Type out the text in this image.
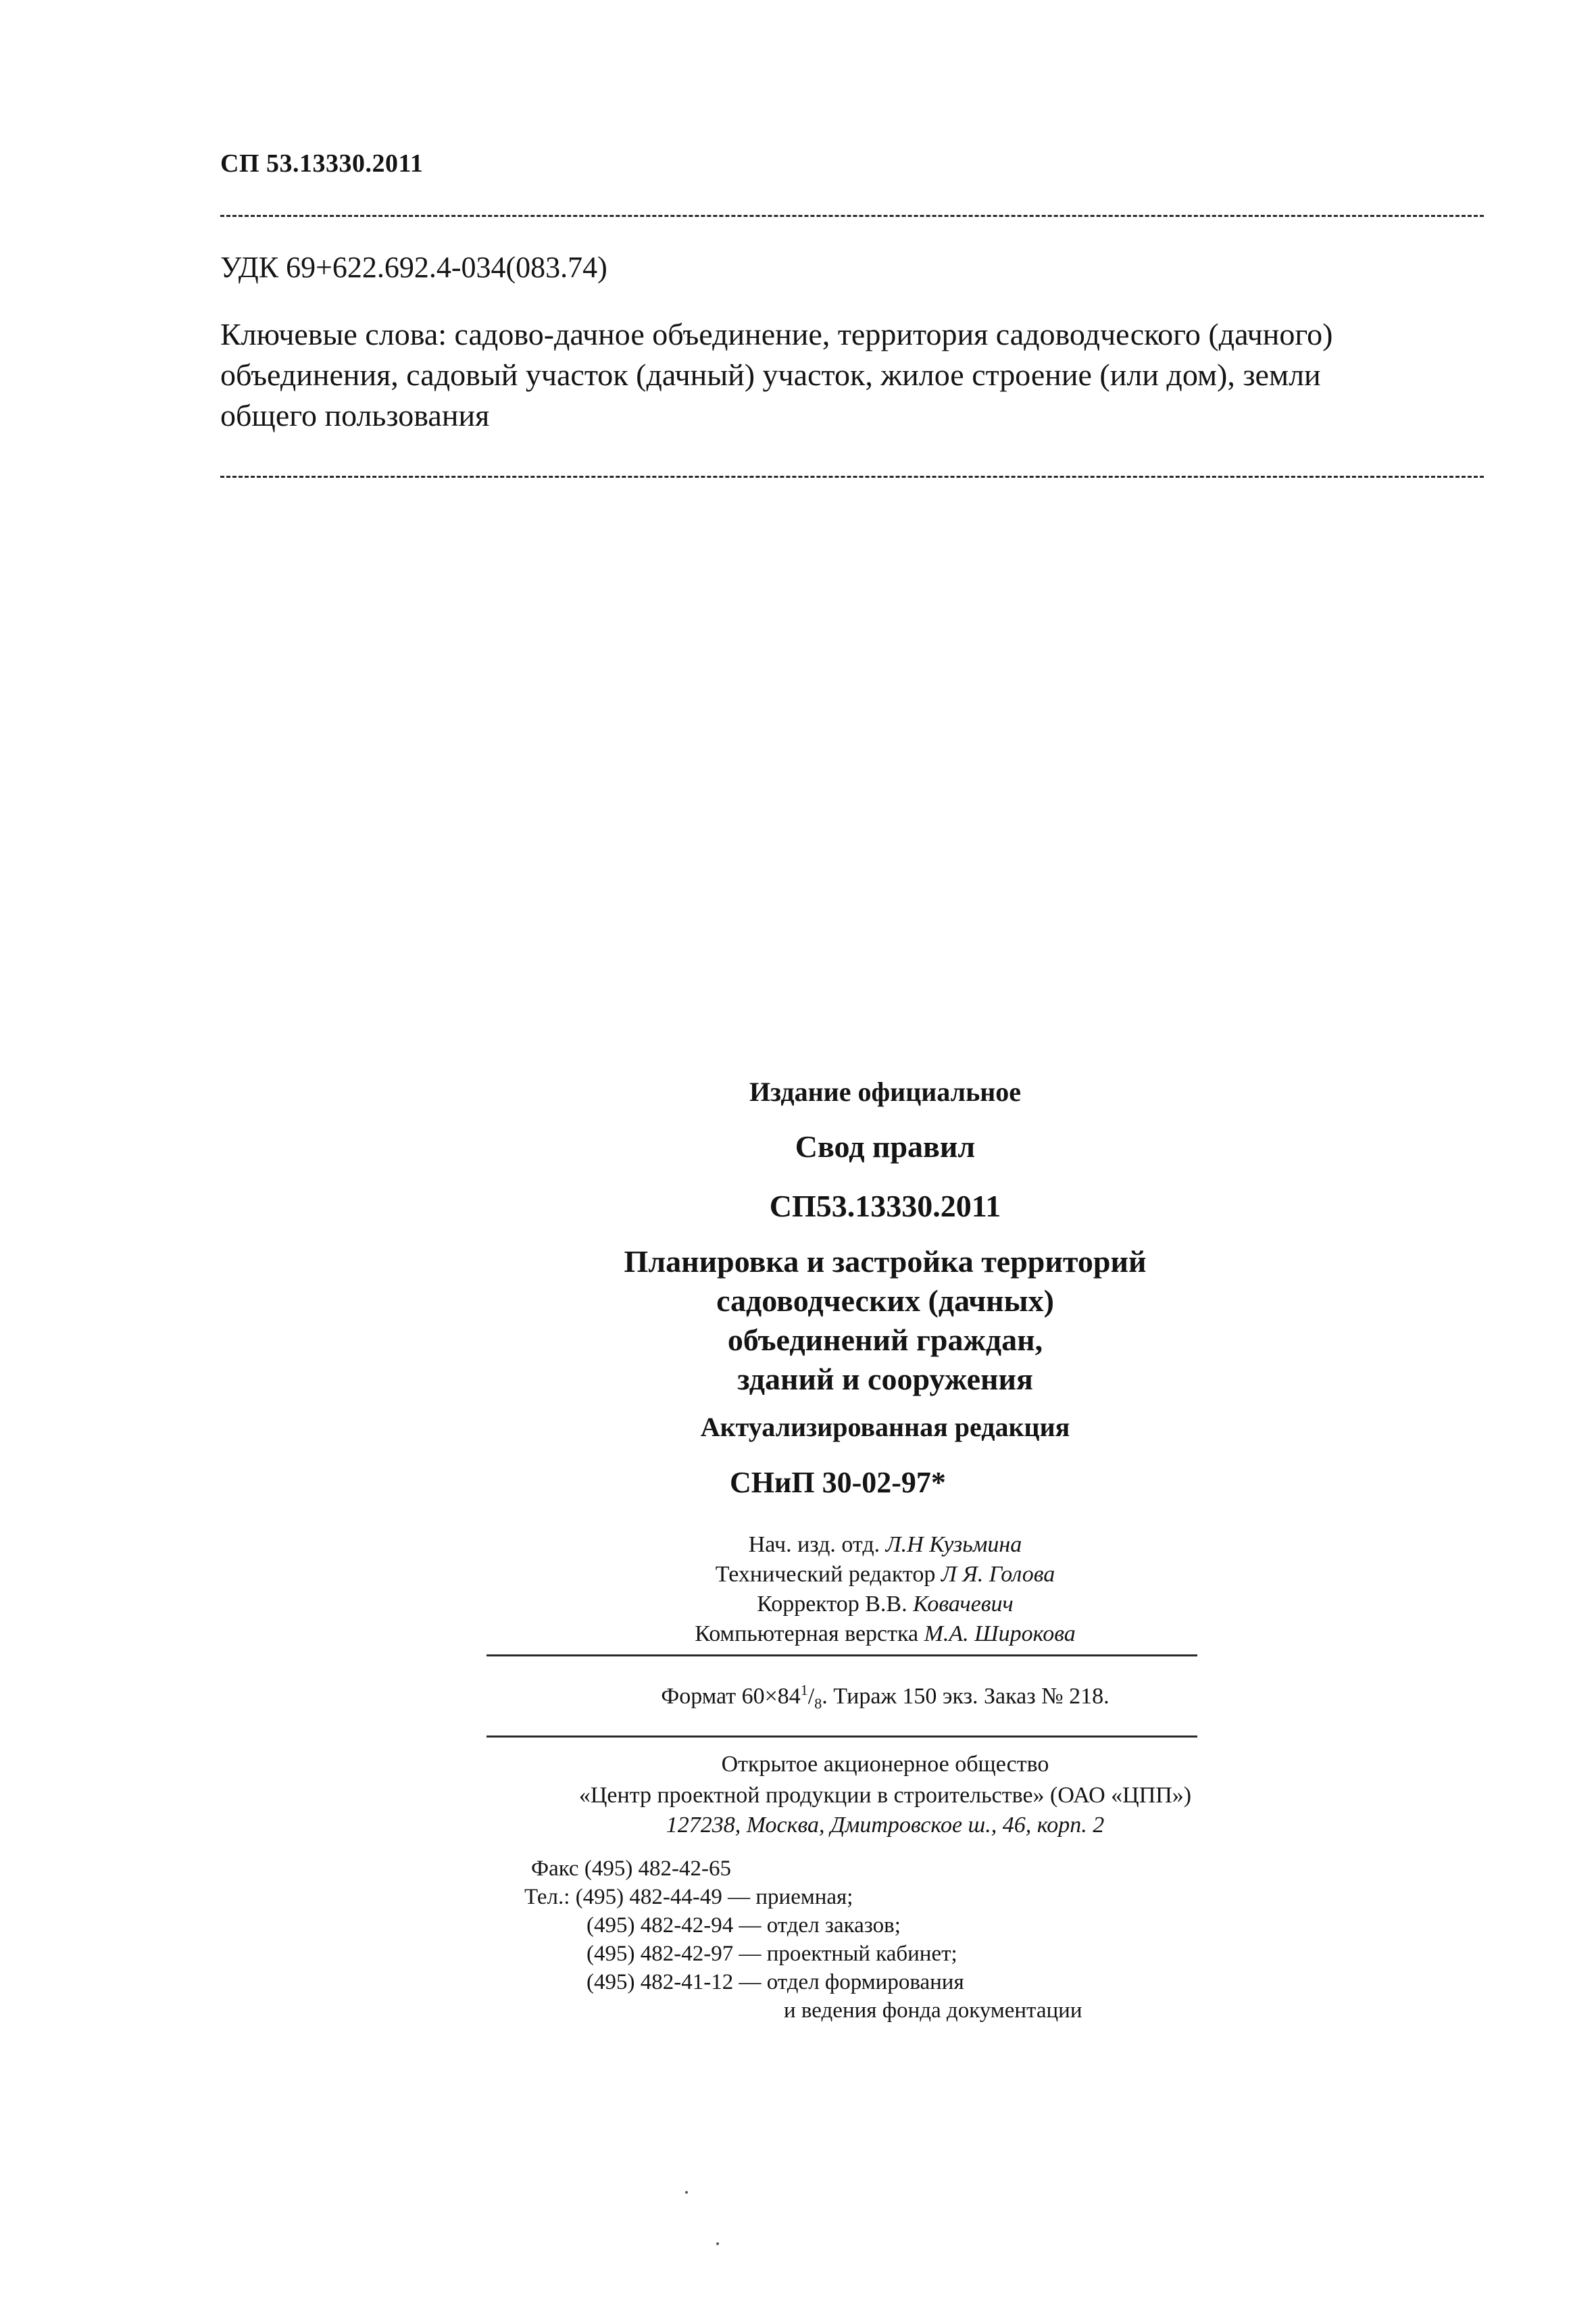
СП 53.13330.2011
УДК 69+622.692.4-034(083.74)
Ключевые слова: садово-дачное объединение, территория садоводческого (дачного)
объединения, садовый участок (дачный) участок, жилое строение (или дом), земли
общего пользования
Издание официальное
Свод правил
СП53.13330.2011
Планировка и застройка территорий
садоводческих (дачных)
объединений граждан,
зданий и сооружения
Актуализированная редакция
СНиП 30-02-97*
Нач. изд. отд. Л.Н Кузьмина
Технический редактор Л Я. Голова
Корректор В.В. Ковачевич
Компьютерная верстка М.А. Широкова
Формат $60\times 84^1/_8$. Тираж 150 экз. Заказ № 218.
Открытое акционерное общество
«Центр проектной продукции в строительстве» (ОАО «ЦПП»)
127238, Москва, Дмитровское ш., 46, корп. 2
Факс (495) 482-42-65
Тел.: (495) 482-44-49 — приемная;
(495) 482-42-94 — отдел заказов;
(495) 482-42-97 — проектный кабинет;
(495) 482-41-12 — отдел формирования
и ведения фонда документации
